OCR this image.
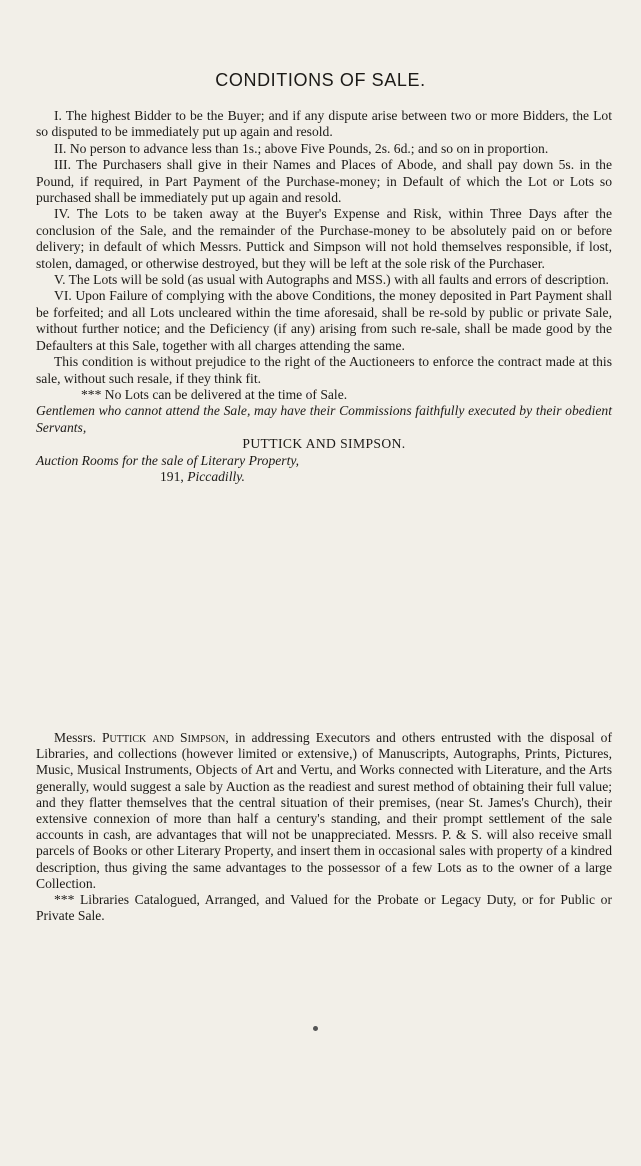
CONDITIONS OF SALE.

I. The highest Bidder to be the Buyer; and if any dispute arise between two or more Bidders, the Lot so disputed to be immediately put up again and resold.

II. No person to advance less than 1s.; above Five Pounds, 2s. 6d.; and so on in proportion.

III. The Purchasers shall give in their Names and Places of Abode, and shall pay down 5s. in the Pound, if required, in Part Payment of the Purchase-money; in Default of which the Lot or Lots so purchased shall be immediately put up again and resold.

IV. The Lots to be taken away at the Buyer's Expense and Risk, within Three Days after the conclusion of the Sale, and the remainder of the Purchase-money to be absolutely paid on or before delivery; in default of which Messrs. Puttick and Simpson will not hold themselves responsible, if lost, stolen, damaged, or otherwise destroyed, but they will be left at the sole risk of the Purchaser.

V. The Lots will be sold (as usual with Autographs and MSS.) with all faults and errors of description.

VI. Upon Failure of complying with the above Conditions, the money deposited in Part Payment shall be forfeited; and all Lots uncleared within the time aforesaid, shall be re-sold by public or private Sale, without further notice; and the Deficiency (if any) arising from such re-sale, shall be made good by the Defaulters at this Sale, together with all charges attending the same.

This condition is without prejudice to the right of the Auctioneers to enforce the contract made at this sale, without such resale, if they think fit.

*** No Lots can be delivered at the time of Sale.

Gentlemen who cannot attend the Sale, may have their Commissions faithfully executed by their obedient Servants,

PUTTICK AND SIMPSON.

Auction Rooms for the sale of Literary Property,

191, Piccadilly.

Messrs. Puttick and Simpson, in addressing Executors and others entrusted with the disposal of Libraries, and collections (however limited or extensive,) of Manuscripts, Autographs, Prints, Pictures, Music, Musical Instruments, Objects of Art and Vertu, and Works connected with Literature, and the Arts generally, would suggest a sale by Auction as the readiest and surest method of obtaining their full value; and they flatter themselves that the central situation of their premises, (near St. James's Church), their extensive connexion of more than half a century's standing, and their prompt settlement of the sale accounts in cash, are advantages that will not be unappreciated. Messrs. P. & S. will also receive small parcels of Books or other Literary Property, and insert them in occasional sales with property of a kindred description, thus giving the same advantages to the possessor of a few Lots as to the owner of a large Collection.

*** Libraries Catalogued, Arranged, and Valued for the Probate or Legacy Duty, or for Public or Private Sale.
